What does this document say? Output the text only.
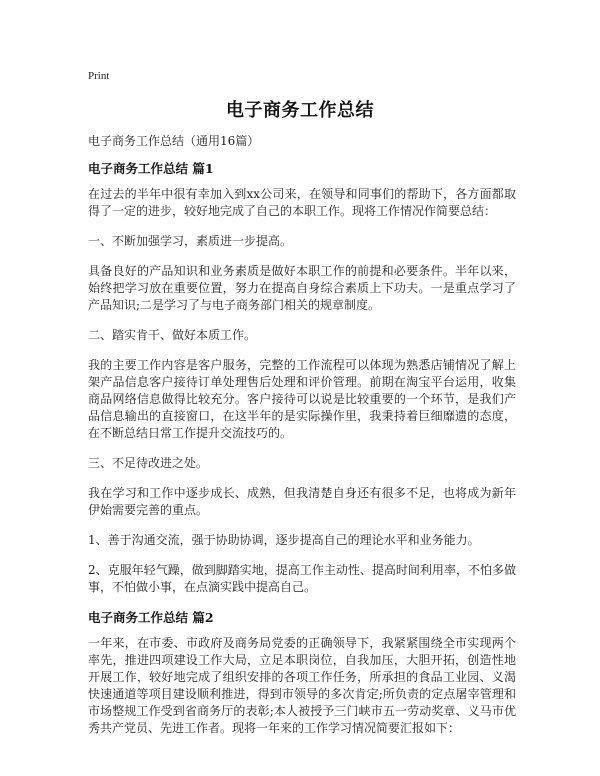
Print
电子商务工作总结

电子商务工作总结（通用16篇）

电子商务工作总结 篇1

在过去的半年中很有幸加入到xx公司来，在领导和同事们的帮助下，各方面都取得了一定的进步，较好地完成了自己的本职工作。现将工作情况作简要总结：

一、不断加强学习，素质进一步提高。

具备良好的产品知识和业务素质是做好本职工作的前提和必要条件。半年以来，始终把学习放在重要位置，努力在提高自身综合素质上下功夫。一是重点学习了产品知识;二是学习了与电子商务部门相关的规章制度。

二、踏实肯干、做好本质工作。

我的主要工作内容是客户服务，完整的工作流程可以体现为熟悉店铺情况了解上架产品信息客户接待订单处理售后处理和评价管理。前期在淘宝平台运用，收集商品网络信息做得比较充分。客户接待可以说是比较重要的一个环节，是我们产品信息输出的直接窗口，在这半年的是实际操作里，我秉持着巨细靡遗的态度，在不断总结日常工作提升交流技巧的。

三、不足待改进之处。

我在学习和工作中逐步成长、成熟，但我清楚自身还有很多不足，也将成为新年伊始需要完善的重点。

1、善于沟通交流，强于协助协调，逐步提高自己的理论水平和业务能力。

2、克服年轻气躁，做到脚踏实地，提高工作主动性、提高时间利用率，不怕多做事，不怕做小事，在点滴实践中提高自己。

电子商务工作总结 篇2

一年来，在市委、市政府及商务局党委的正确领导下，我紧紧围绕全市实现两个率先，推进四项建设工作大局，立足本职岗位，自我加压，大胆开拓，创造性地开展工作，较好地完成了组织安排的各项工作任务，所承担的食品工业园、义渴快速通道等项目建设顺利推进，得到市领导的多次肯定;所负责的定点屠宰管理和市场整规工作受到省商务厅的表彰;本人被授予三门峡市五一劳动奖章、义马市优秀共产党员、先进工作者。现将一年来的工作学习情况简要汇报如下：
